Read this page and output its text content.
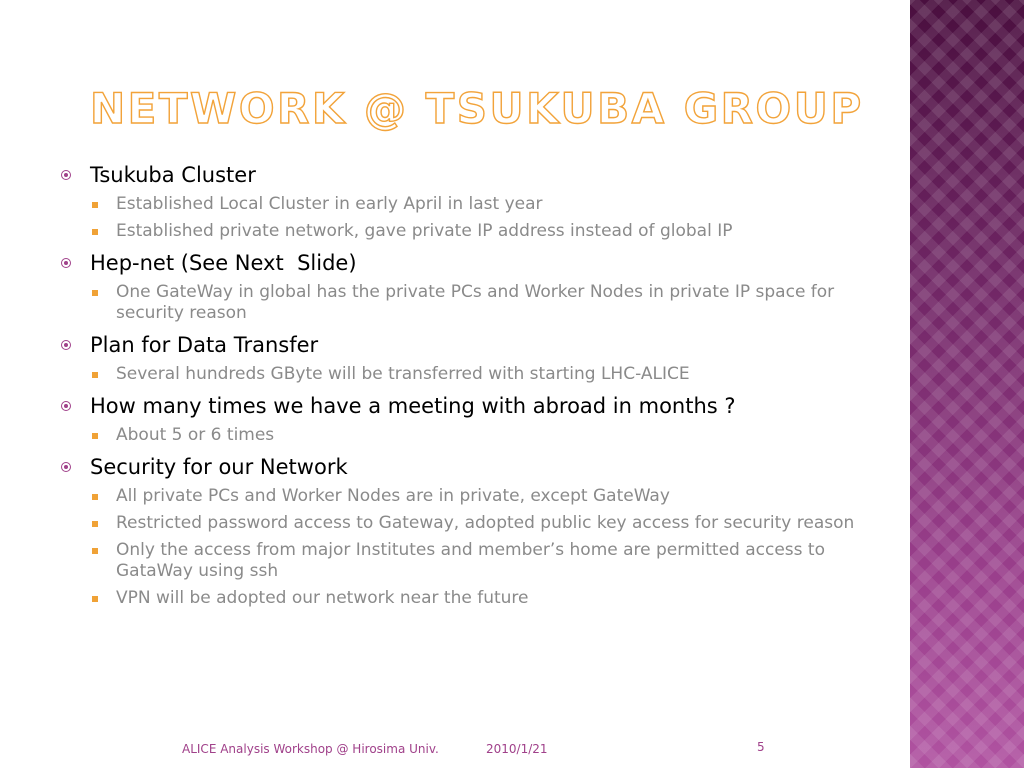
NETWORK @ TSUKUBA GROUP
Tsukuba Cluster
Established Local Cluster in early April in last year
Established private network, gave private IP address instead of global IP
Hep-net (See Next  Slide)
One GateWay in global has the private PCs and Worker Nodes in private IP space for security reason
Plan for Data Transfer
Several hundreds GByte will be transferred with starting LHC-ALICE
How many times we have a meeting with abroad in months ?
About 5 or 6 times
Security for our Network
All private PCs and Worker Nodes are in private, except GateWay
Restricted password access to Gateway, adopted public key access for security reason
Only the access from major Institutes and member’s home are permitted access to GataWay using ssh
VPN will be adopted our network near the future
ALICE Analysis Workshop @ Hirosima Univ.	2010/1/21	5
